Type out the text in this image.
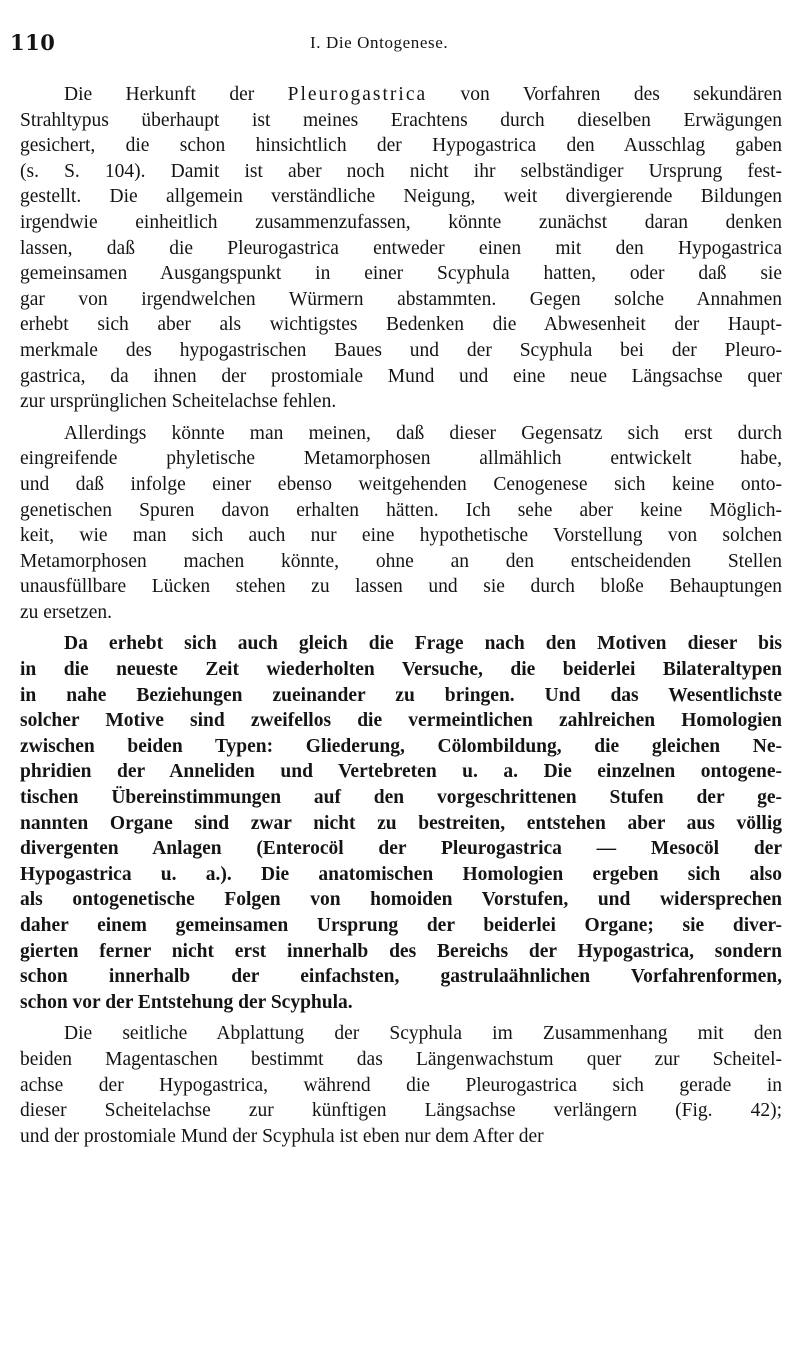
110	I. Die Ontogenese.
Die Herkunft der Pleurogastrica von Vorfahren des sekundären
Strahltypus überhaupt ist meines Erachtens durch dieselben Erwägungen
gesichert, die schon hinsichtlich der Hypogastrica den Ausschlag gaben
(s. S. 104). Damit ist aber noch nicht ihr selbständiger Ursprung fest-
gestellt. Die allgemein verständliche Neigung, weit divergierende Bildungen
irgendwie einheitlich zusammenzufassen, könnte zunächst daran denken
lassen, daß die Pleurogastrica entweder einen mit den Hypogastrica
gemeinsamen Ausgangspunkt in einer Scyphula hatten, oder daß sie
gar von irgendwelchen Würmern abstammten. Gegen solche Annahmen
erhebt sich aber als wichtigstes Bedenken die Abwesenheit der Haupt-
merkmale des hypogastrischen Baues und der Scyphula bei der Pleuro-
gastrica, da ihnen der prostomiale Mund und eine neue Längsachse quer
zur ursprünglichen Scheitelachse fehlen.
Allerdings könnte man meinen, daß dieser Gegensatz sich erst durch
eingreifende phyletische Metamorphosen allmählich entwickelt habe,
und daß infolge einer ebenso weitgehenden Cenogenese sich keine onto-
genetischen Spuren davon erhalten hätten. Ich sehe aber keine Möglich-
keit, wie man sich auch nur eine hypothetische Vorstellung von solchen
Metamorphosen machen könnte, ohne an den entscheidenden Stellen
unausfüllbare Lücken stehen zu lassen und sie durch bloße Behauptungen
zu ersetzen.
Da erhebt sich auch gleich die Frage nach den Motiven dieser bis
in die neueste Zeit wiederholten Versuche, die beiderlei Bilateraltypen
in nahe Beziehungen zueinander zu bringen. Und das Wesentlichste
solcher Motive sind zweifellos die vermeintlichen zahlreichen Homologien
zwischen beiden Typen: Gliederung, Cölombildung, die gleichen Ne-
phridien der Anneliden und Vertebreten u. a. Die einzelnen ontogene-
tischen Übereinstimmungen auf den vorgeschrittenen Stufen der ge-
nannten Organe sind zwar nicht zu bestreiten, entstehen aber aus völlig
divergenten Anlagen (Enterocöl der Pleurogastrica — Mesocöl der
Hypogastrica u. a.). Die anatomischen Homologien ergeben sich also
als ontogenetische Folgen von homoiden Vorstufen, und widersprechen
daher einem gemeinsamen Ursprung der beiderlei Organe; sie diver-
gierten ferner nicht erst innerhalb des Bereichs der Hypogastrica, sondern
schon innerhalb der einfachsten, gastrulaähnlichen Vorfahrenformen,
schon vor der Entstehung der Scyphula.
Die seitliche Abplattung der Scyphula im Zusammenhang mit den
beiden Magentaschen bestimmt das Längenwachstum quer zur Scheitel-
achse der Hypogastrica, während die Pleurogastrica sich gerade in
dieser Scheitelachse zur künftigen Längsachse verlängern (Fig. 42);
und der prostomiale Mund der Scyphula ist eben nur dem After der
